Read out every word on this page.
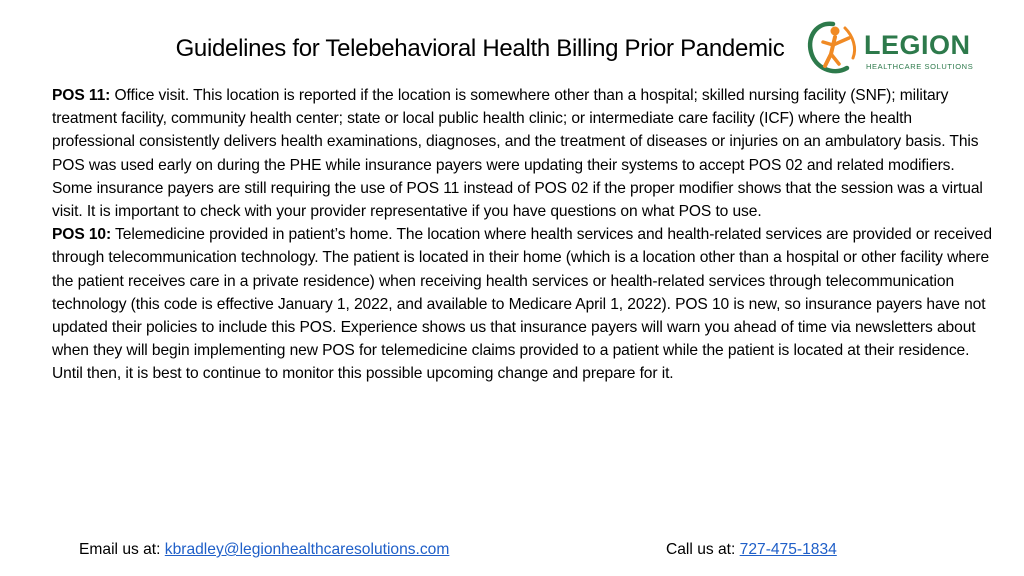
Guidelines for Telebehavioral Health Billing Prior Pandemic	LEGION
HEALTHCARE SOLUTIONS

POS 11: Office visit. This location is reported if the location is somewhere other than a hospital; skilled nursing facility (SNF); military treatment facility, community health center; state or local public health clinic; or intermediate care facility (ICF) where the health professional consistently delivers health examinations, diagnoses, and the treatment of diseases or injuries on an ambulatory basis. This POS was used early on during the PHE while insurance payers were updating their systems to accept POS 02 and related modifiers. Some insurance payers are still requiring the use of POS 11 instead of POS 02 if the proper modifier shows that the session was a virtual visit. It is important to check with your provider representative if you have questions on what POS to use.

POS 10: Telemedicine provided in patient’s home. The location where health services and health-related services are provided or received through telecommunication technology. The patient is located in their home (which is a location other than a hospital or other facility where the patient receives care in a private residence) when receiving health services or health-related services through telecommunication technology (this code is effective January 1, 2022, and available to Medicare April 1, 2022). POS 10 is new, so insurance payers have not updated their policies to include this POS. Experience shows us that insurance payers will warn you ahead of time via newsletters about when they will begin implementing new POS for telemedicine claims provided to a patient while the patient is located at their residence. Until then, it is best to continue to monitor this possible upcoming change and prepare for it.

Email us at: kbradley@legionhealthcaresolutions.com	Call us at: 727-475-1834
